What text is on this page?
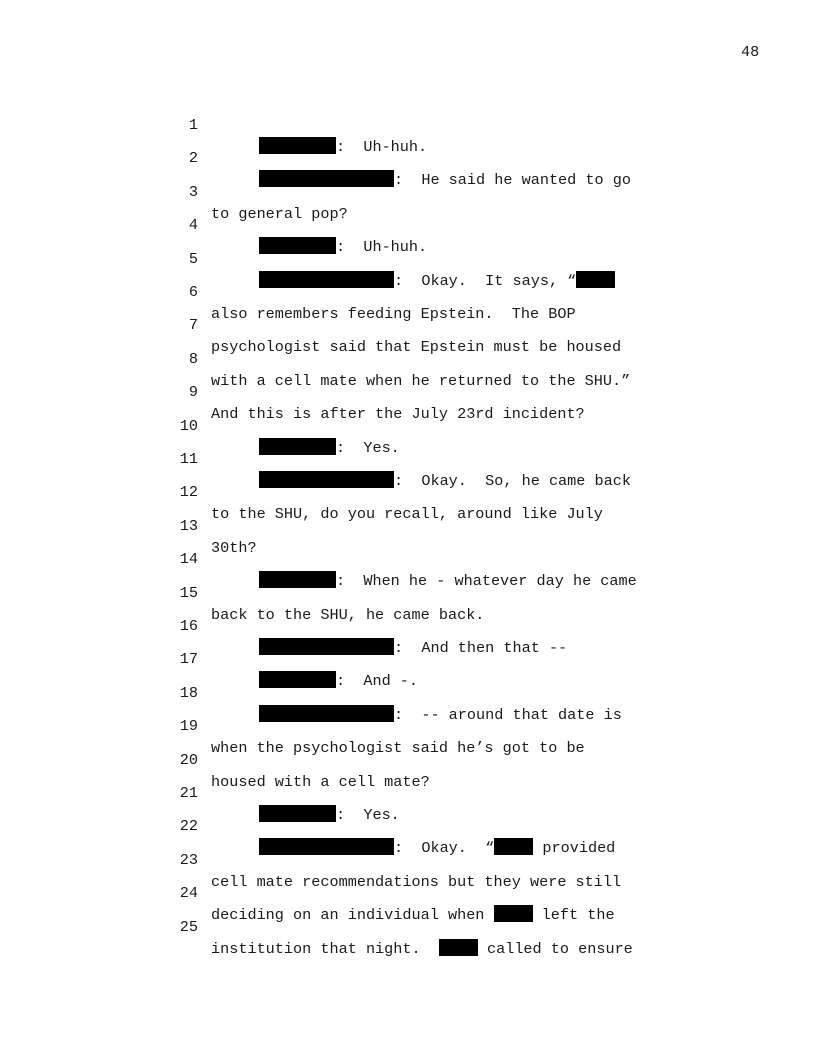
48

1

:  Uh-huh.

2

:  He said he wanted to go

3

to general pop?

4

:  Uh-huh.

5

:  Okay.  It says, “

6

also remembers feeding Epstein.  The BOP

7

psychologist said that Epstein must be housed

8

with a cell mate when he returned to the SHU.”

9

And this is after the July 23rd incident?

10

:  Yes.

11

:  Okay.  So, he came back

12

to the SHU, do you recall, around like July

13

30th?

14

:  When he - whatever day he came

15

back to the SHU, he came back.

16

:  And then that --

17

:  And -.

18

:  -- around that date is

19

when the psychologist said he’s got to be

20

housed with a cell mate?

21

:  Yes.

22

:  Okay.  “	provided

23

cell mate recommendations but they were still

24

deciding on an individual when	left the

25

institution that night.	called to ensure
